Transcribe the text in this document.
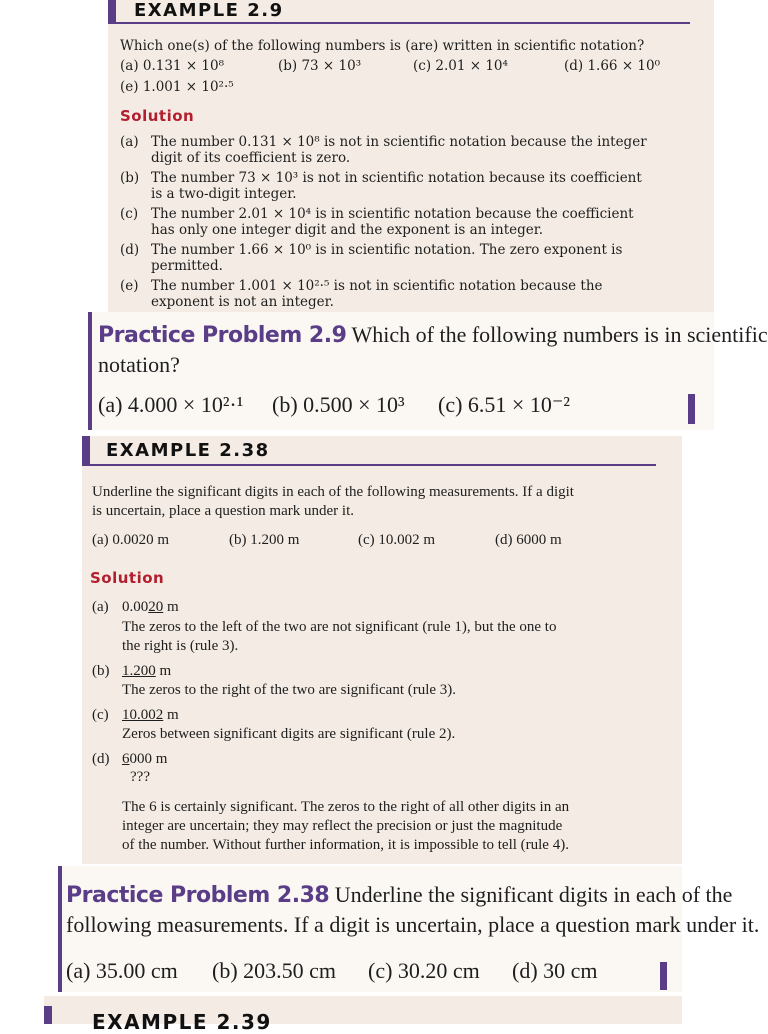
EXAMPLE 2.9
Which one(s) of the following numbers is (are) written in scientific notation?
(a) 0.131 × 10⁸	(b) 73 × 10³	(c) 2.01 × 10⁴	(d) 1.66 × 10⁰
(e) 1.001 × 10²·⁵
Solution
(a) The number 0.131 × 10⁸ is not in scientific notation because the integer
digit of its coefficient is zero.
(b) The number 73 × 10³ is not in scientific notation because its coefficient
is a two-digit integer.
(c) The number 2.01 × 10⁴ is in scientific notation because the coefficient
has only one integer digit and the exponent is an integer.
(d) The number 1.66 × 10⁰ is in scientific notation. The zero exponent is
permitted.
(e) The number 1.001 × 10²·⁵ is not in scientific notation because the
exponent is not an integer.
Practice Problem 2.9 Which of the following numbers is in scientific
notation?
(a) 4.000 × 10²·¹ (b) 0.500 × 10³ (c) 6.51 × 10⁻²
EXAMPLE 2.38
Underline the significant digits in each of the following measurements. If a digit
is uncertain, place a question mark under it.
(a) 0.0020 m	(b) 1.200 m	(c) 10.002 m	(d) 6000 m
Solution
(a) 0.0020 m
The zeros to the left of the two are not significant (rule 1), but the one to
the right is (rule 3).
(b) 1.200 m
The zeros to the right of the two are significant (rule 3).
(c) 10.002 m
Zeros between significant digits are significant (rule 2).
(d) 6000 m
???
The 6 is certainly significant. The zeros to the right of all other digits in an
integer are uncertain; they may reflect the precision or just the magnitude
of the number. Without further information, it is impossible to tell (rule 4).
Practice Problem 2.38 Underline the significant digits in each of the
following measurements. If a digit is uncertain, place a question mark under it.
(a) 35.00 cm (b) 203.50 cm (c) 30.20 cm (d) 30 cm
EXAMPLE 2.39
